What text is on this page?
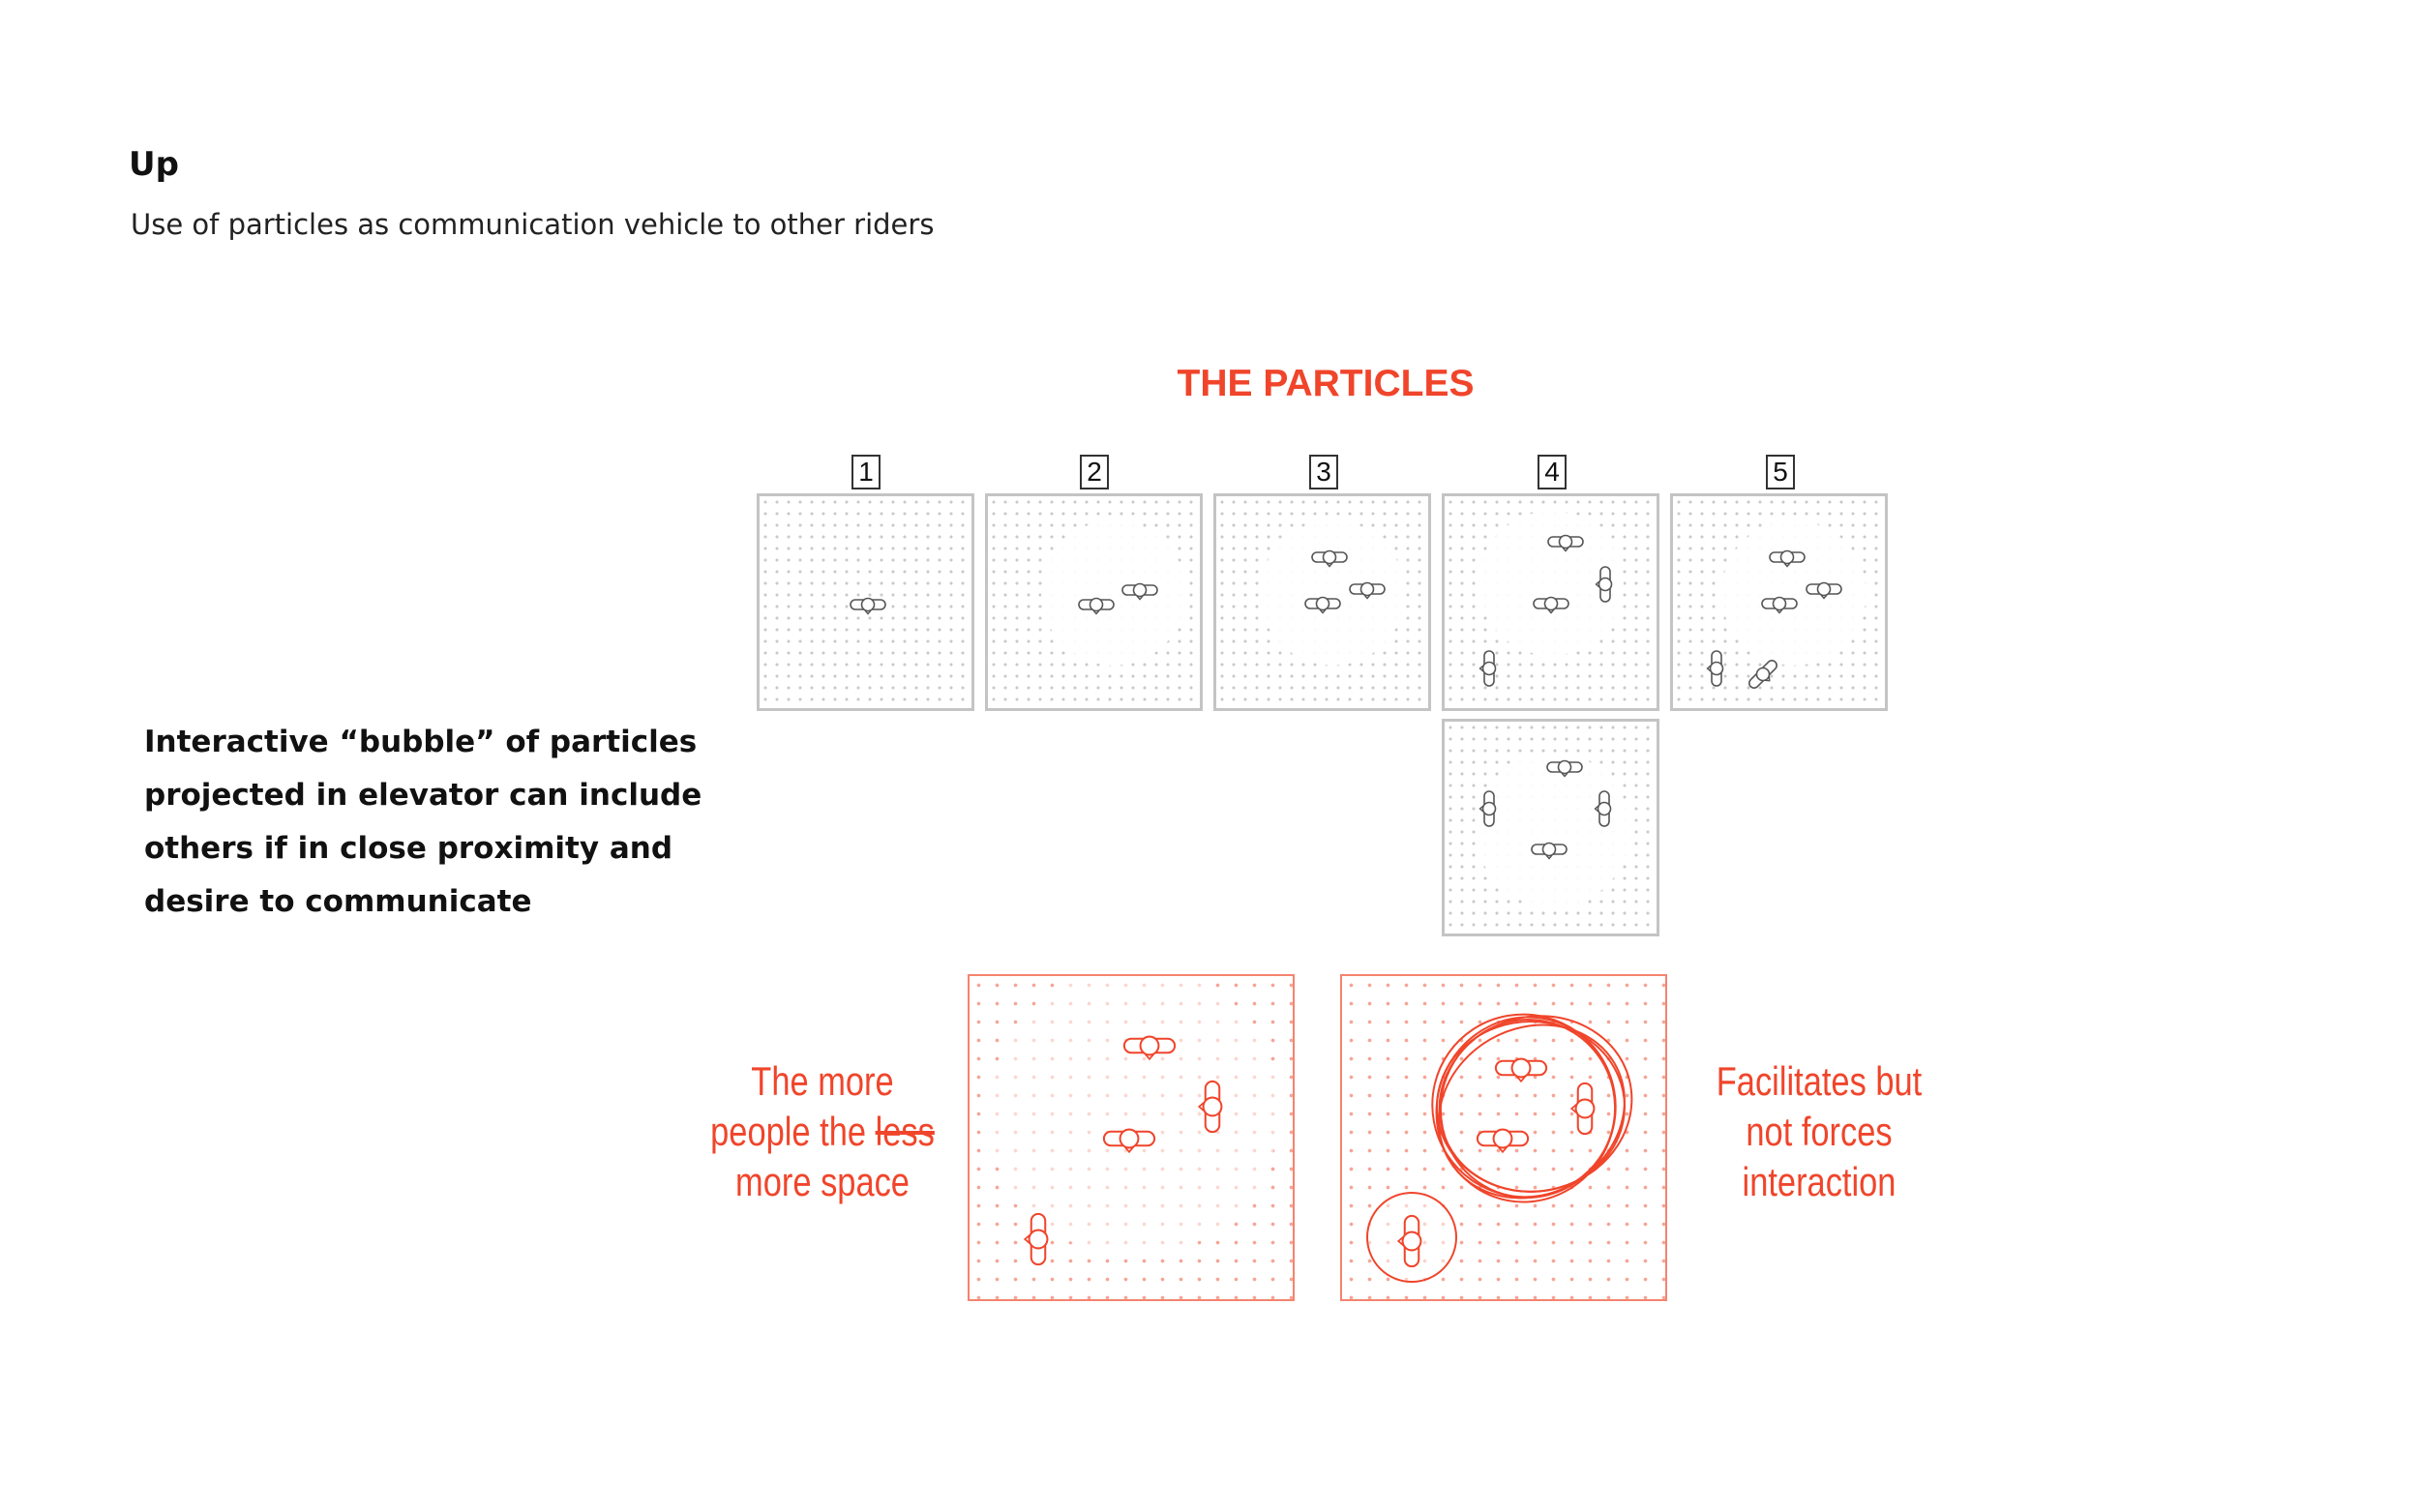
Up
Use of particles as communication vehicle to other riders
Interactive “bubble” of particles
projected in elevator can include
others if in close proximity and
desire to communicate
THE PARTICLES
1	2	3	4	5
The more
people the less
more space
Facilitates but
not forces
interaction
